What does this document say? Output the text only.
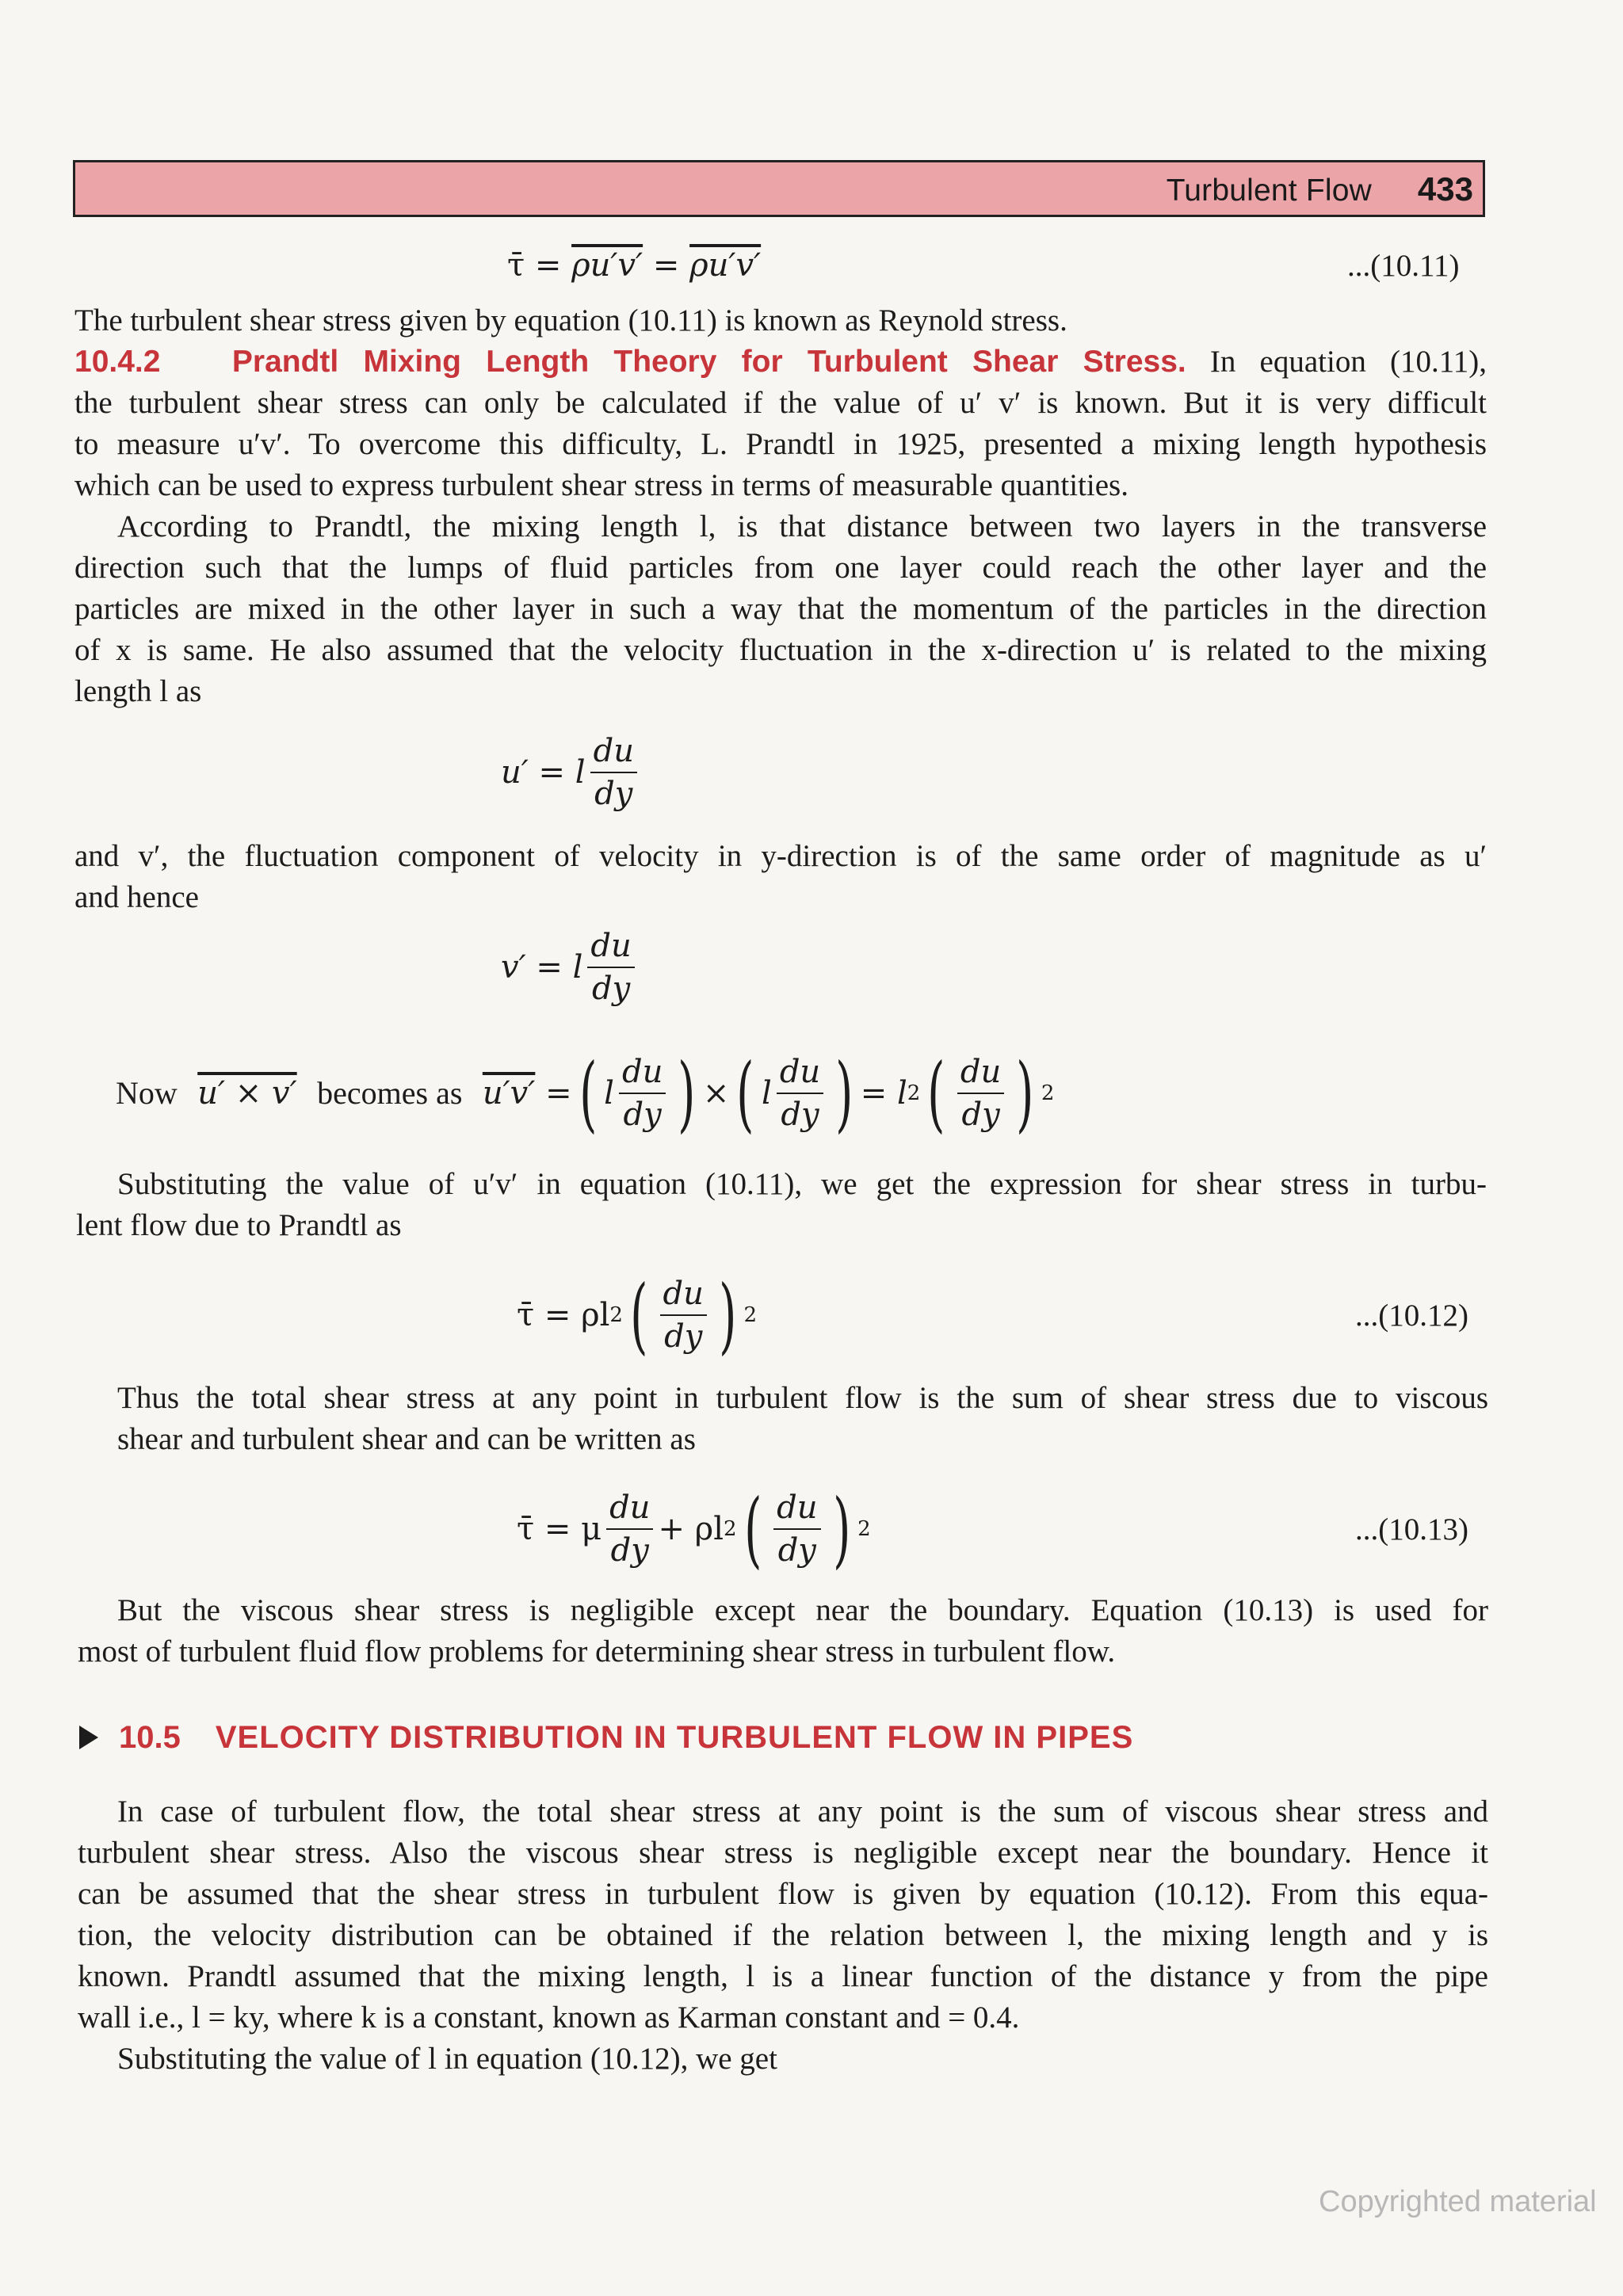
Turbulent Flow 433
τ̄ =
ρu′v′ = ρu′v′	...(10.11)
The turbulent shear stress given by equation (10.11) is known as Reynold stress.
10.4.2 Prandtl Mixing Length Theory for Turbulent Shear Stress. In equation (10.11),
the turbulent shear stress can only be calculated if the value of u′ v′ is known. But it is very difficult
to measure u′v′. To overcome this difficulty, L. Prandtl in 1925, presented a mixing length hypothesis
which can be used to express turbulent shear stress in terms of measurable quantities.
According to Prandtl, the mixing length l, is that distance between two layers in the transverse
direction such that the lumps of fluid particles from one layer could reach the other layer and the
particles are mixed in the other layer in such a way that the momentum of the particles in the direction
of x is same. He also assumed that the velocity fluctuation in the x-direction u′ is related to the mixing
length l as
u′ = l $\frac{du}{dy}$
and v′, the fluctuation component of velocity in y-direction is of the same order of magnitude as u′
and hence
v′ = l $\frac{du}{dy}$
Now
u′ × v′
becomes as
u′v′
= ( l $\frac{du}{dy}$ ) × ( l $\frac{du}{dy}$ ) =
l 2 ( $\frac{du}{dy}$ ) 2
Substituting the value of u′v′ in equation (10.11), we get the expression for shear stress in turbu-
lent flow due to Prandtl as
τ̄ = ρl 2 ( $\frac{du}{dy}$ ) 2	...(10.12)
Thus the total shear stress at any point in turbulent flow is the sum of shear stress due to viscous
shear and turbulent shear and can be written as
τ̄ = μ $\frac{du}{dy} + \rho l$ 2 ( $\frac{du}{dy}$ ) 2	...(10.13)
But the viscous shear stress is negligible except near the boundary. Equation (10.13) is used for
most of turbulent fluid flow problems for determining shear stress in turbulent flow.
10.5 VELOCITY DISTRIBUTION IN TURBULENT FLOW IN PIPES
In case of turbulent flow, the total shear stress at any point is the sum of viscous shear stress and
turbulent shear stress. Also the viscous shear stress is negligible except near the boundary. Hence it
can be assumed that the shear stress in turbulent flow is given by equation (10.12). From this equa-
tion, the velocity distribution can be obtained if the relation between l, the mixing length and y is
known. Prandtl assumed that the mixing length, l is a linear function of the distance y from the pipe
wall i.e., l = ky, where k is a constant, known as Karman constant and = 0.4.
Substituting the value of l in equation (10.12), we get
Copyrighted material
